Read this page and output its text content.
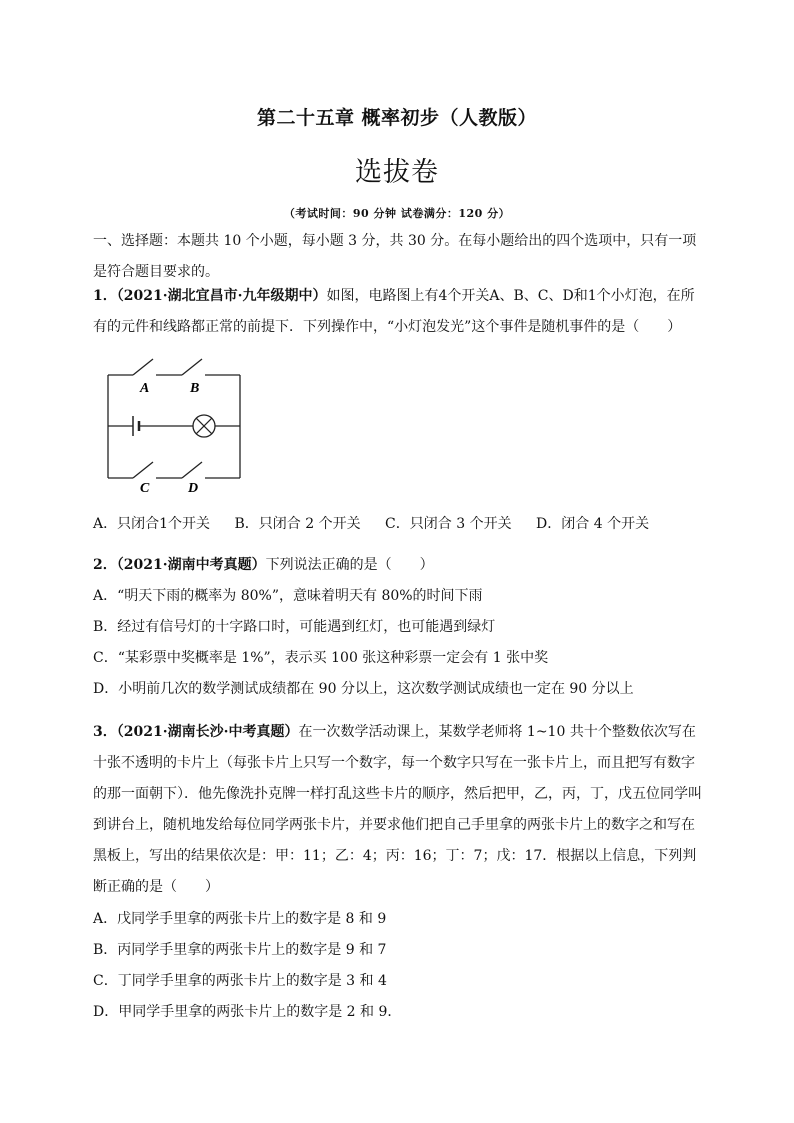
第二十五章 概率初步（人教版）
选拔卷
（考试时间：90 分钟 试卷满分：120 分）
一、选择题：本题共 10 个小题，每小题 3 分，共 30 分。在每小题给出的四个选项中，只有一项是符合题目要求的。
1．（2021·湖北宜昌市·九年级期中）如图，电路图上有4个开关A、B、C、D和1个小灯泡，在所有的元件和线路都正常的前提下．下列操作中，“小灯泡发光”这个事件是随机事件的是（　　）
A	B
C	D
A．只闭合1个开关 B．只闭合 2 个开关 C．只闭合 3 个开关 D．闭合 4 个开关
2．（2021·湖南中考真题）下列说法正确的是（　　）
A．“明天下雨的概率为 80%”，意味着明天有 80%的时间下雨
B．经过有信号灯的十字路口时，可能遇到红灯，也可能遇到绿灯
C．“某彩票中奖概率是 1%”，表示买 100 张这种彩票一定会有 1 张中奖
D．小明前几次的数学测试成绩都在 90 分以上，这次数学测试成绩也一定在 90 分以上
3．（2021·湖南长沙·中考真题）在一次数学活动课上，某数学老师将 1~10 共十个整数依次写在十张不透明的卡片上（每张卡片上只写一个数字，每一个数字只写在一张卡片上，而且把写有数字的那一面朝下）．他先像洗扑克牌一样打乱这些卡片的顺序，然后把甲，乙，丙，丁，戊五位同学叫到讲台上，随机地发给每位同学两张卡片，并要求他们把自己手里拿的两张卡片上的数字之和写在黑板上，写出的结果依次是：甲：11；乙：4；丙：16；丁：7；戊：17．根据以上信息，下列判断正确的是（　　）
A．戊同学手里拿的两张卡片上的数字是 8 和 9
B．丙同学手里拿的两张卡片上的数字是 9 和 7
C．丁同学手里拿的两张卡片上的数字是 3 和 4
D．甲同学手里拿的两张卡片上的数字是 2 和 9．
